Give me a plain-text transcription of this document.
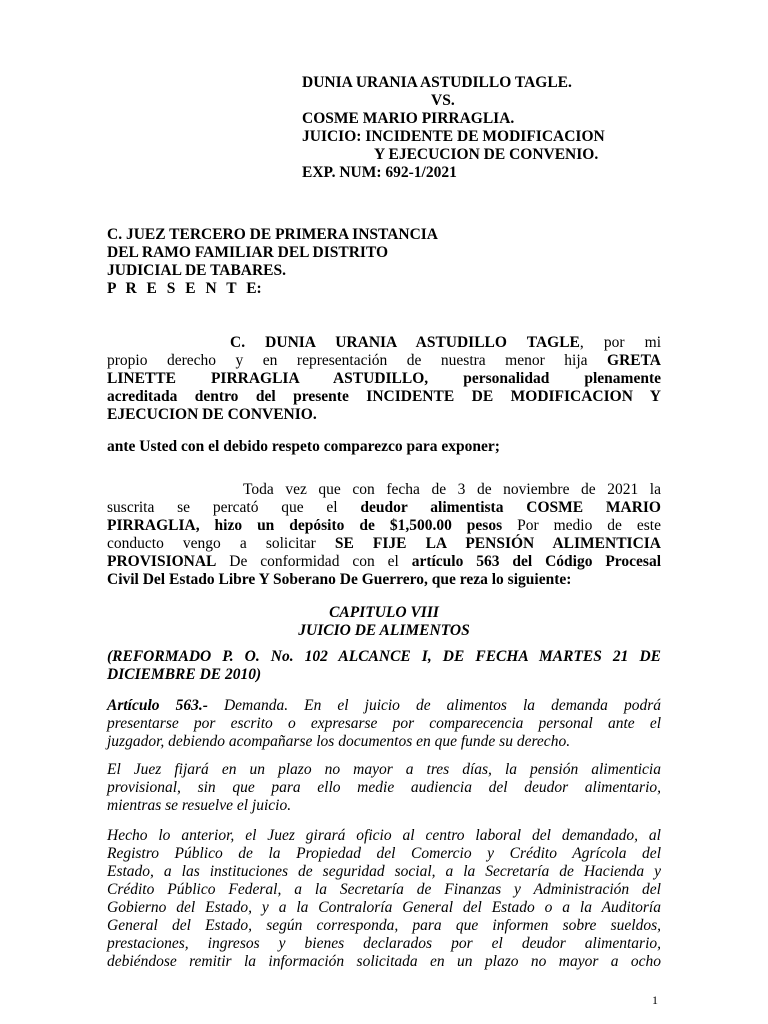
DUNIA URANIA ASTUDILLO TAGLE.
VS.
COSME MARIO PIRRAGLIA.
JUICIO: INCIDENTE DE MODIFICACION
Y EJECUCION DE CONVENIO.
EXP. NUM: 692-1/2021
C. JUEZ TERCERO DE PRIMERA INSTANCIA
DEL RAMO FAMILIAR DEL DISTRITO
JUDICIAL DE TABARES.
P R E S E N T E:
C. DUNIA URANIA ASTUDILLO TAGLE, por mi
propio derecho y en representación de nuestra menor hija GRETA
LINETTE PIRRAGLIA ASTUDILLO, personalidad plenamente
acreditada dentro del presente INCIDENTE DE MODIFICACION Y
EJECUCION DE CONVENIO.
ante Usted con el debido respeto comparezco para exponer;
Toda vez que con fecha de 3 de noviembre de 2021 la
suscrita se percató que el deudor alimentista COSME MARIO
PIRRAGLIA, hizo un depósito de $1,500.00 pesos Por medio de este
conducto vengo a solicitar SE FIJE LA PENSIÓN ALIMENTICIA
PROVISIONAL De conformidad con el artículo 563 del Código Procesal
Civil Del Estado Libre Y Soberano De Guerrero, que reza lo siguiente:
CAPITULO VIII
JUICIO DE ALIMENTOS
(REFORMADO P. O. No. 102 ALCANCE I, DE FECHA MARTES 21 DE
DICIEMBRE DE 2010)
Artículo 563.- Demanda. En el juicio de alimentos la demanda podrá
presentarse por escrito o expresarse por comparecencia personal ante el
juzgador, debiendo acompañarse los documentos en que funde su derecho.
El Juez fijará en un plazo no mayor a tres días, la pensión alimenticia
provisional, sin que para ello medie audiencia del deudor alimentario,
mientras se resuelve el juicio.
Hecho lo anterior, el Juez girará oficio al centro laboral del demandado, al
Registro Público de la Propiedad del Comercio y Crédito Agrícola del
Estado, a las instituciones de seguridad social, a la Secretaría de Hacienda y
Crédito Público Federal, a la Secretaría de Finanzas y Administración del
Gobierno del Estado, y a la Contraloría General del Estado o a la Auditoría
General del Estado, según corresponda, para que informen sobre sueldos,
prestaciones, ingresos y bienes declarados por el deudor alimentario,
debiéndose remitir la información solicitada en un plazo no mayor a ocho
1
